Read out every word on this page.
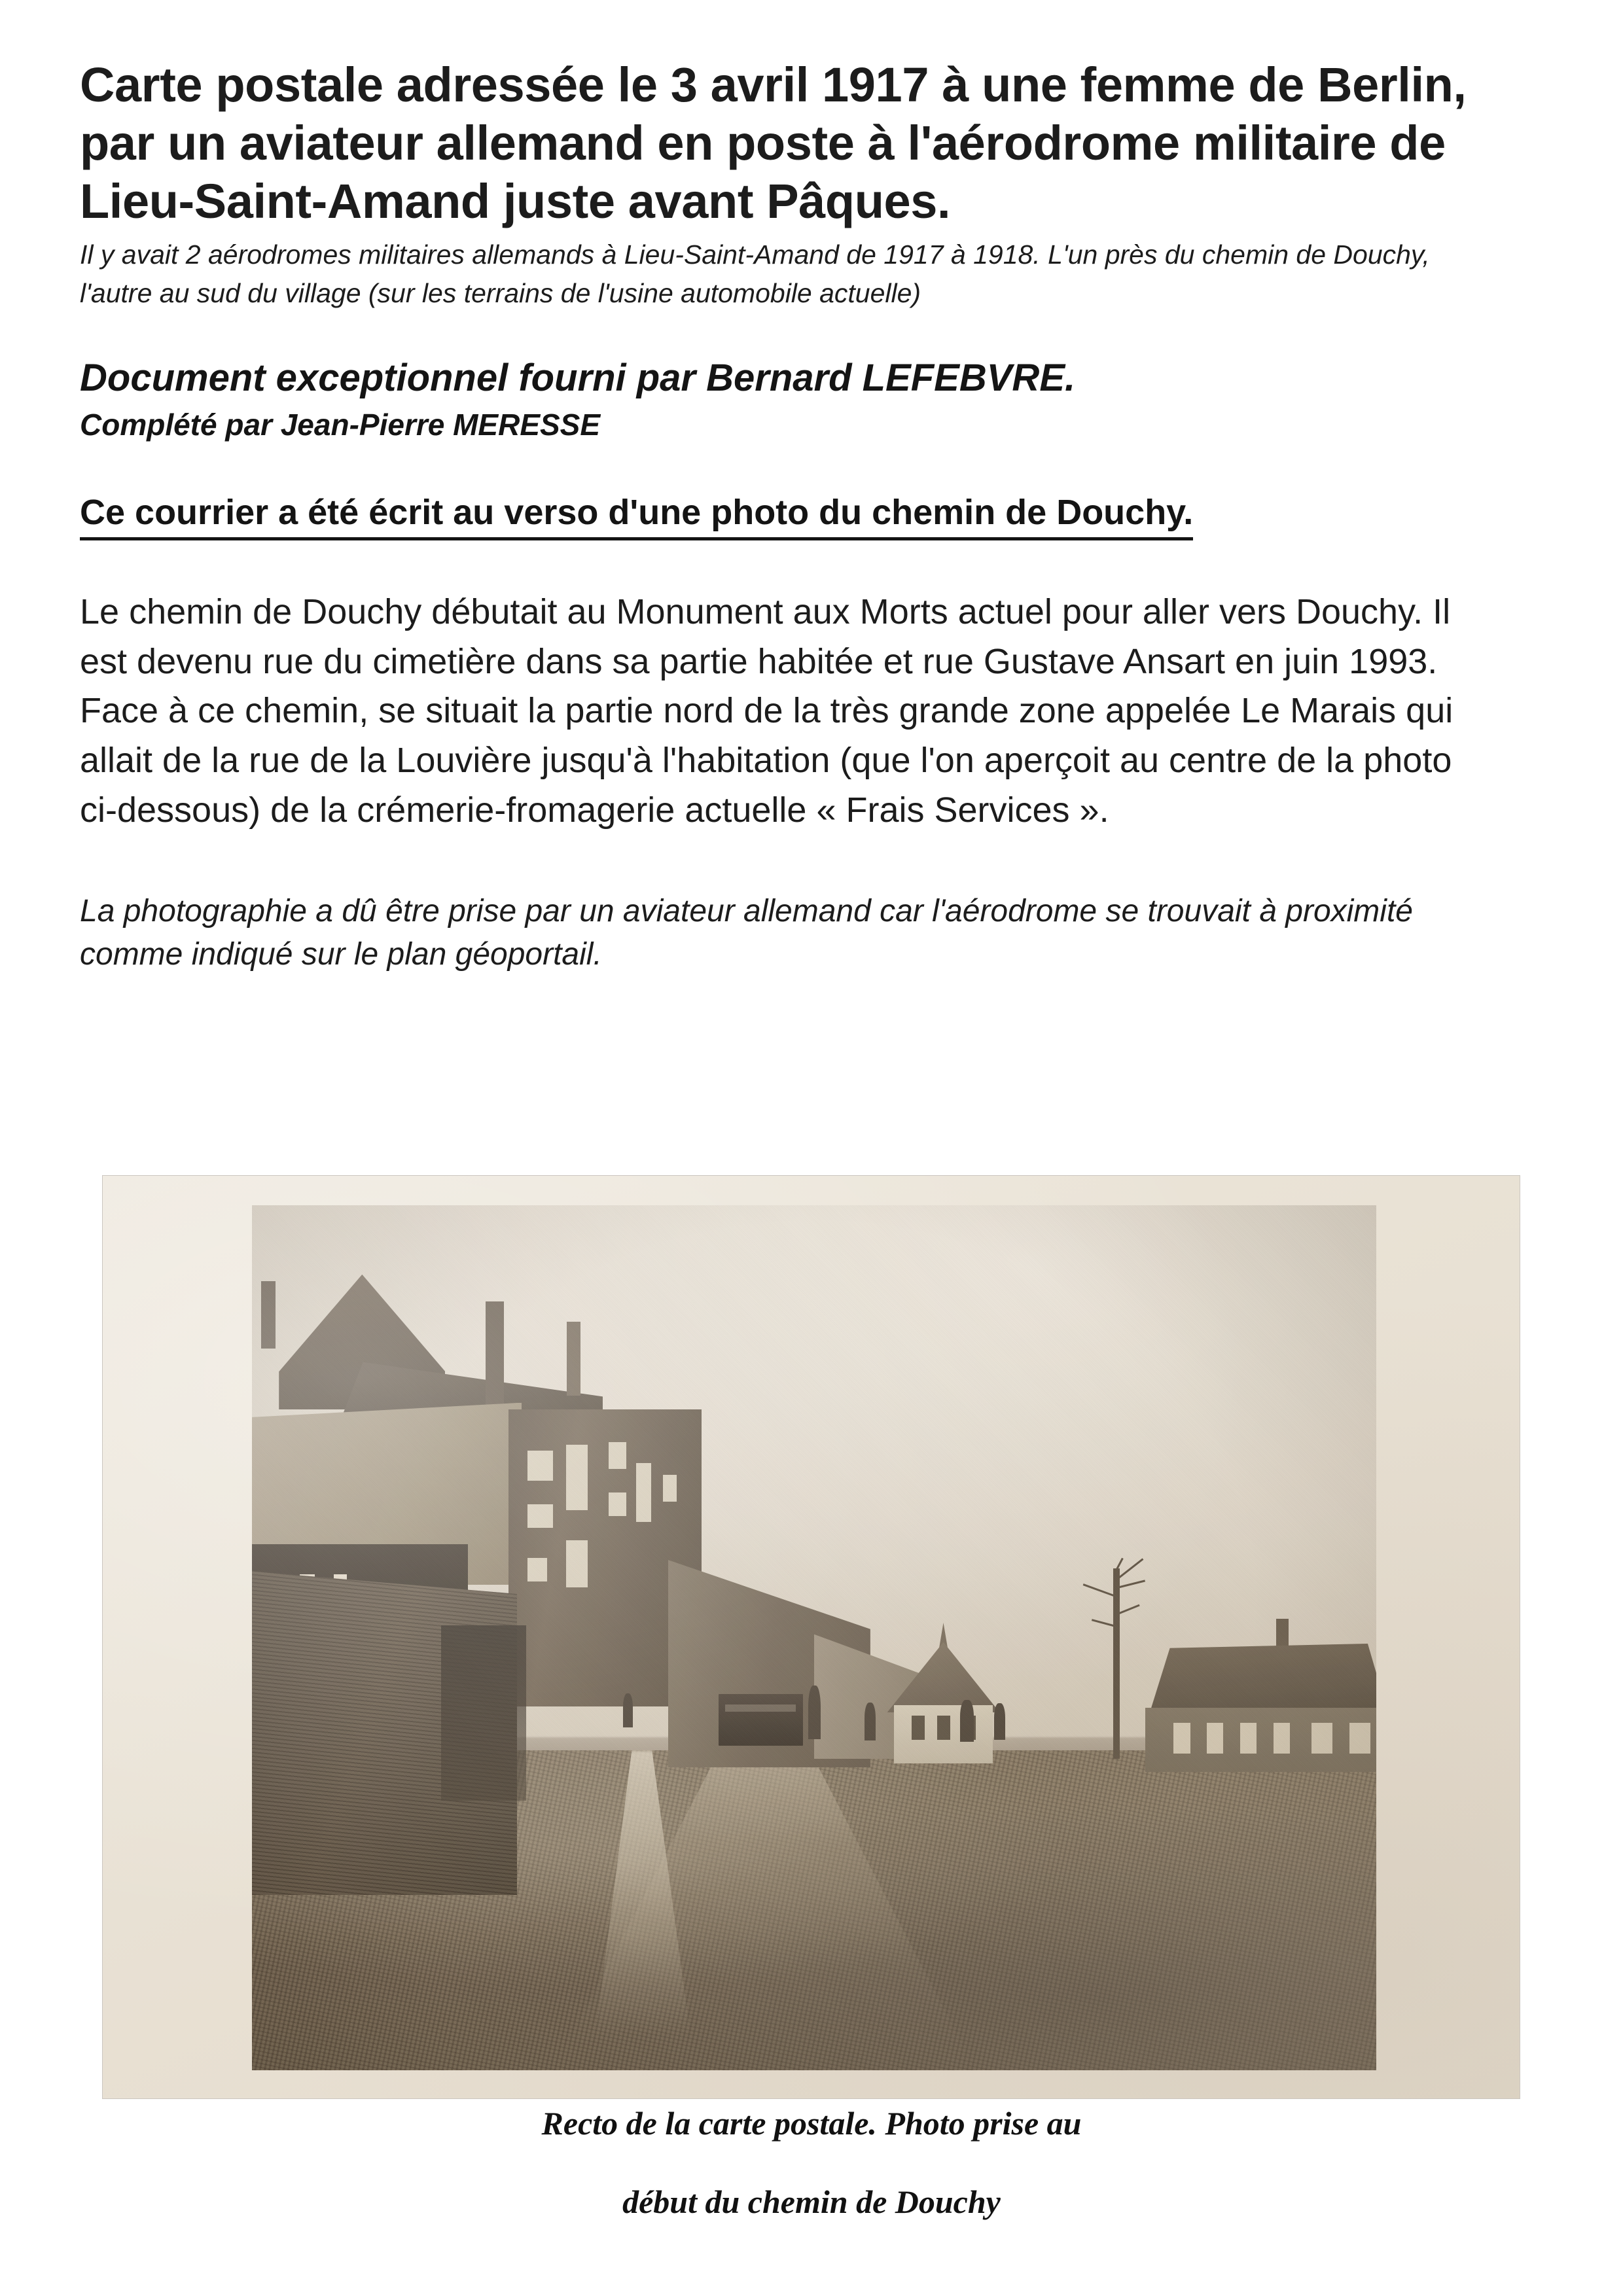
Carte postale adressée le 3 avril 1917 à une femme de Berlin, par un aviateur allemand en poste à l'aérodrome militaire de Lieu-Saint-Amand juste avant Pâques.

Il y avait 2 aérodromes militaires allemands à Lieu-Saint-Amand de 1917 à 1918. L'un près du chemin de Douchy, l'autre au sud du village (sur les terrains de l'usine automobile actuelle)

Document exceptionnel fourni par Bernard LEFEBVRE.

Complété par Jean-Pierre MERESSE

Ce courrier a été écrit au verso d'une photo du chemin de Douchy.

Le chemin de Douchy débutait au Monument aux Morts actuel pour aller vers Douchy. Il est devenu rue du cimetière dans sa partie habitée et rue Gustave Ansart en juin 1993. Face à ce chemin, se situait la partie nord de la très grande zone appelée Le Marais qui allait de la rue de la Louvière jusqu'à l'habitation (que l'on aperçoit au centre de la photo ci-dessous) de la crémerie-fromagerie actuelle « Frais Services ».

La photographie a dû être prise par un aviateur allemand car l'aérodrome se trouvait à proximité comme indiqué sur le plan géoportail.

Recto de la carte postale. Photo prise au
début du chemin de Douchy
